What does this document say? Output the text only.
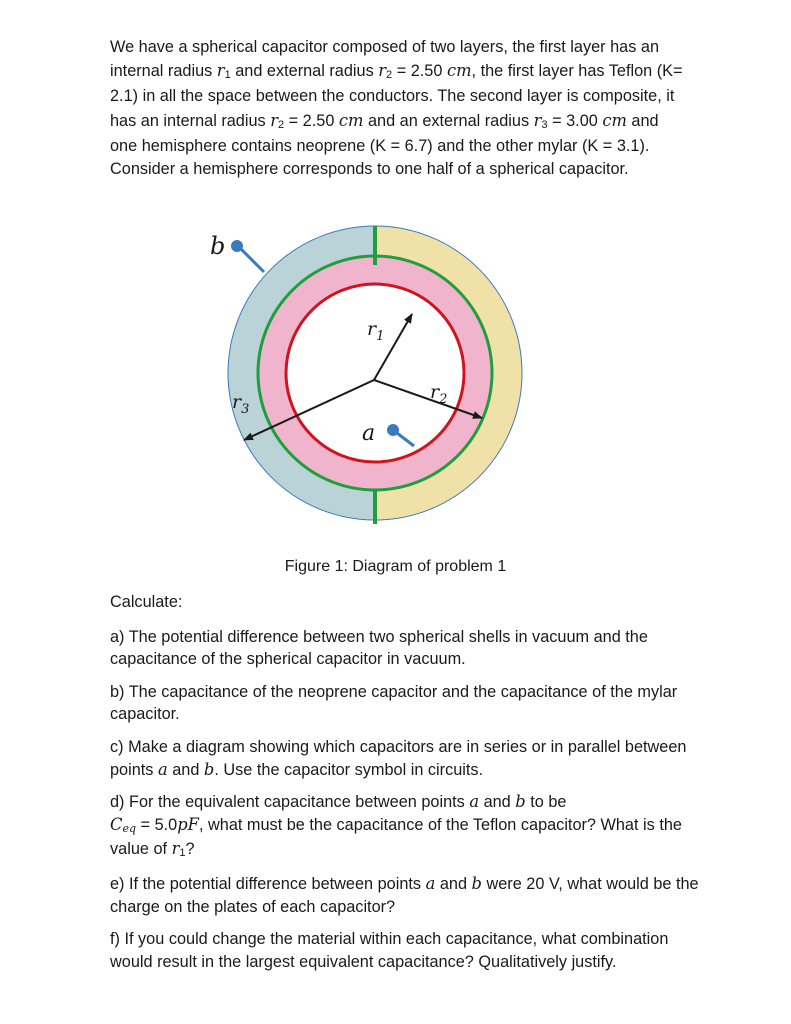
We have a spherical capacitor composed of two layers, the first layer has an internal radius r1 and external radius r2 = 2.50 cm, the first layer has Teflon (K= 2.1) in all the space between the conductors. The second layer is composite, it has an internal radius r2 = 2.50 cm and an external radius r3 = 3.00 cm and one hemisphere contains neoprene (K = 6.7) and the other mylar (K = 3.1). Consider a hemisphere corresponds to one half of a spherical capacitor.

b
a
$r_1$
$r_2$
$r_3$
Figure 1: Diagram of problem 1

Calculate:

a) The potential difference between two spherical shells in vacuum and the capacitance of the spherical capacitor in vacuum.

b) The capacitance of the neoprene capacitor and the capacitance of the mylar capacitor.

c) Make a diagram showing which capacitors are in series or in parallel between points a and b. Use the capacitor symbol in circuits.

d) For the equivalent capacitance between points a and b to be
Ceq = 5.0pF, what must be the capacitance of the Teflon capacitor? What is the value of r1?

e) If the potential difference between points a and b were 20 V, what would be the charge on the plates of each capacitor?

f) If you could change the material within each capacitance, what combination would result in the largest equivalent capacitance? Qualitatively justify.
